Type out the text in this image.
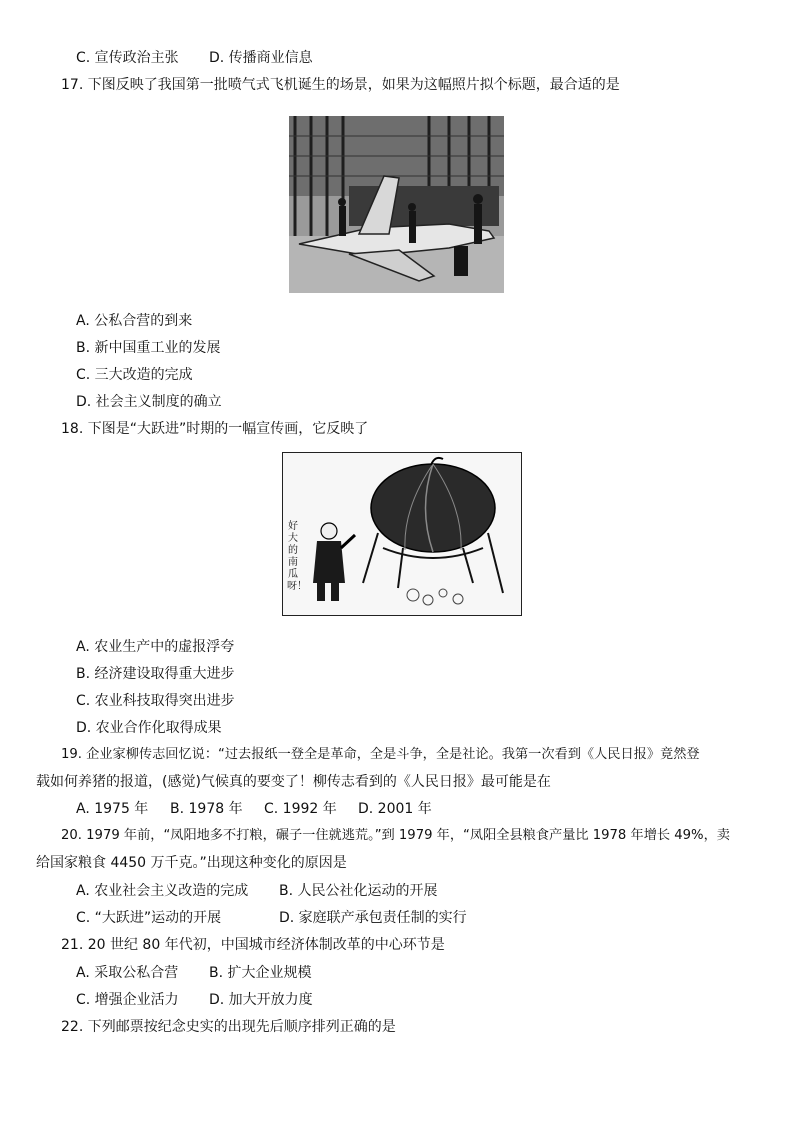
C. 宣传政治主张 D. 传播商业信息
17. 下图反映了我国第一批喷气式飞机诞生的场景，如果为这幅照片拟个标题，最合适的是
A. 公私合营的到来
B. 新中国重工业的发展
C. 三大改造的完成
D. 社会主义制度的确立
18. 下图是“大跃进”时期的一幅宣传画，它反映了
好大的南瓜呀！
A. 农业生产中的虚报浮夸
B. 经济建设取得重大进步
C. 农业科技取得突出进步
D. 农业合作化取得成果
19. 企业家柳传志回忆说：“过去报纸一登全是革命，全是斗争，全是社论。我第一次看到《人民日报》竟然登
载如何养猪的报道，(感觉)气候真的要变了！柳传志看到的《人民日报》最可能是在
A. 1975 年 B. 1978 年 C. 1992 年 D. 2001 年
20. 1979 年前，“凤阳地多不打粮，碾子一住就逃荒。”到 1979 年，“凤阳全县粮食产量比 1978 年增长 49%，卖
给国家粮食 4450 万千克。”出现这种变化的原因是
A. 农业社会主义改造的完成 B. 人民公社化运动的开展
C. “大跃进”运动的开展	D. 家庭联产承包责任制的实行
21. 20 世纪 80 年代初，中国城市经济体制改革的中心环节是
A. 采取公私合营 B. 扩大企业规模
C. 增强企业活力 D. 加大开放力度
22. 下列邮票按纪念史实的出现先后顺序排列正确的是
